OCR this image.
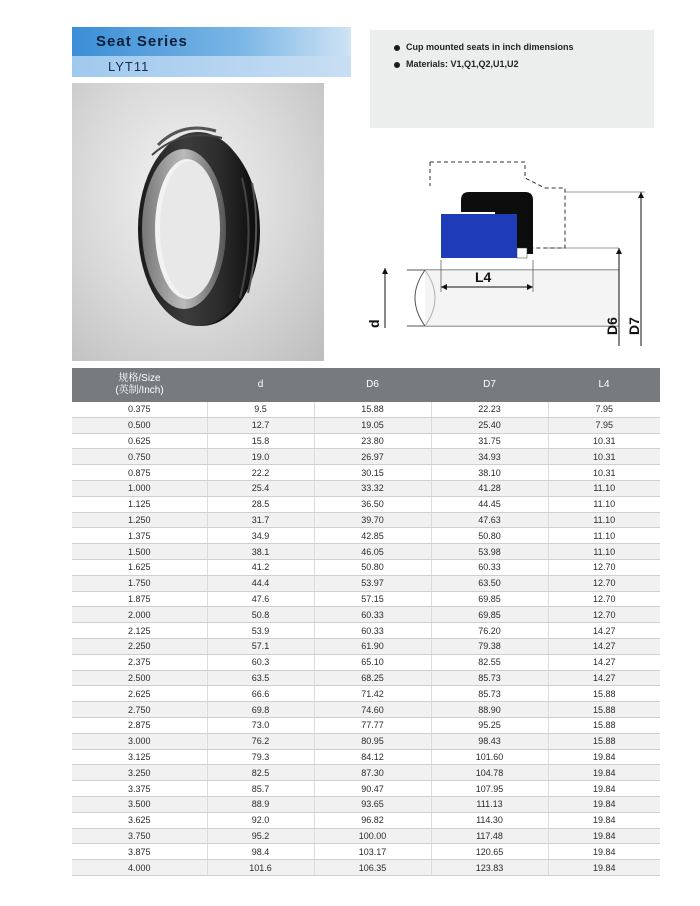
Seat Series
LYT11
Cup mounted seats in inch dimensions
Materials: V1,Q1,Q2,U1,U2
L4
d	D6 D7
规格/Size
(英制/Inch)	d	D6	D7	L4
0.375	9.5	15.88	22.23	7.95
0.500	12.7	19.05	25.40	7.95
0.625	15.8	23.80	31.75	10.31
0.750	19.0	26.97	34.93	10.31
0.875	22.2	30.15	38.10	10.31
1.000	25.4	33.32	41.28	11.10
1.125	28.5	36.50	44.45	11.10
1.250	31.7	39.70	47.63	11.10
1.375	34.9	42.85	50.80	11.10
1.500	38.1	46.05	53.98	11.10
1.625	41.2	50.80	60.33	12.70
1.750	44.4	53.97	63.50	12.70
1.875	47.6	57.15	69.85	12.70
2.000	50.8	60.33	69.85	12.70
2.125	53.9	60.33	76.20	14.27
2.250	57.1	61.90	79.38	14.27
2.375	60.3	65.10	82.55	14.27
2.500	63.5	68.25	85.73	14.27
2.625	66.6	71.42	85.73	15.88
2.750	69.8	74.60	88.90	15.88
2.875	73.0	77.77	95.25	15.88
3.000	76.2	80.95	98.43	15.88
3.125	79.3	84.12	101.60	19.84
3.250	82.5	87.30	104.78	19.84
3.375	85.7	90.47	107.95	19.84
3.500	88.9	93.65	111.13	19.84
3.625	92.0	96.82	114.30	19.84
3.750	95.2	100.00	117.48	19.84
3.875	98.4	103.17	120.65	19.84
4.000	101.6	106.35	123.83	19.84
